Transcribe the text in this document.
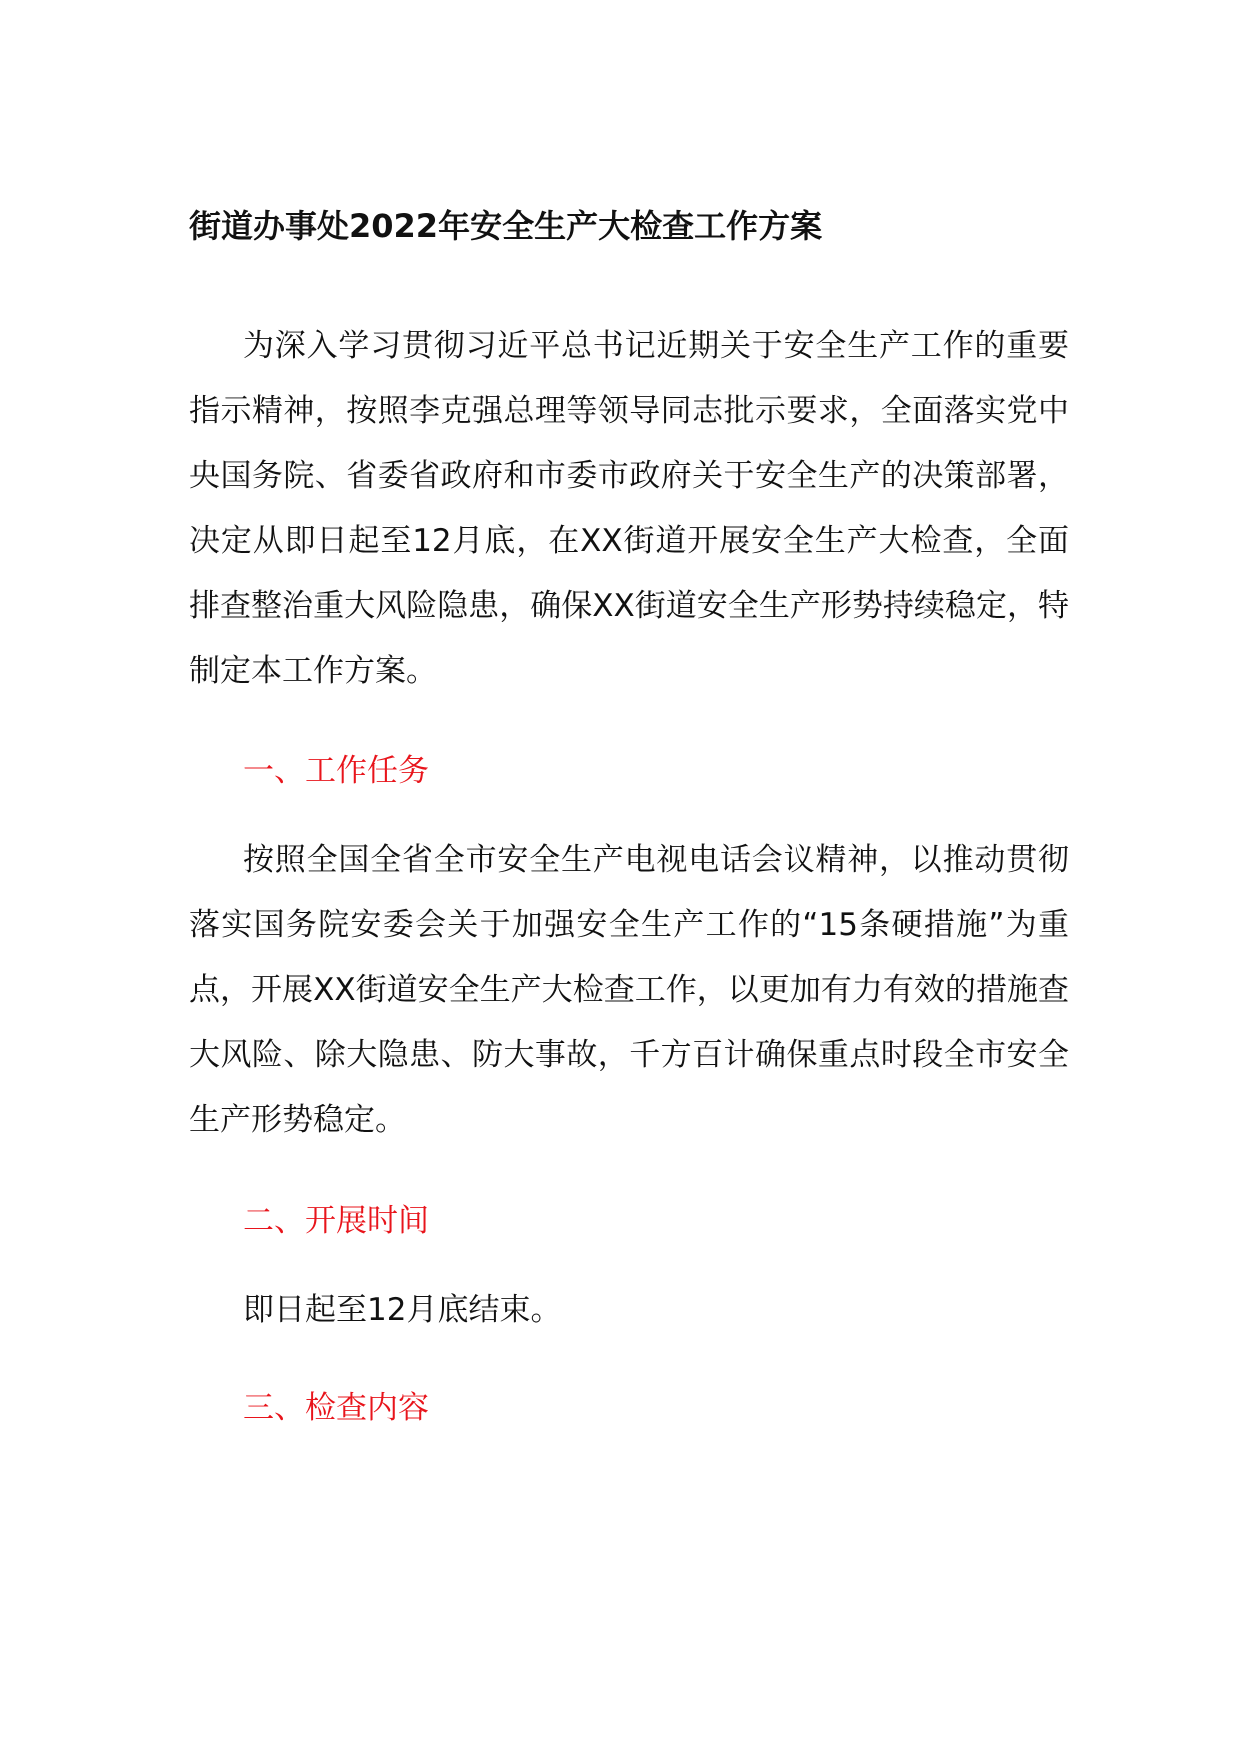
街道办事处2022年安全生产大检查工作方案

为深入学习贯彻习近平总书记近期关于安全生产工作的重要指示精神，按照李克强总理等领导同志批示要求，全面落实党中央国务院、省委省政府和市委市政府关于安全生产的决策部署，决定从即日起至12月底，在XX街道开展安全生产大检查，全面排查整治重大风险隐患，确保XX街道安全生产形势持续稳定，特制定本工作方案。

一、工作任务

按照全国全省全市安全生产电视电话会议精神，以推动贯彻落实国务院安委会关于加强安全生产工作的“15条硬措施”为重点，开展XX街道安全生产大检查工作，以更加有力有效的措施查大风险、除大隐患、防大事故，千方百计确保重点时段全市安全生产形势稳定。

二、开展时间

即日起至12月底结束。

三、检查内容
